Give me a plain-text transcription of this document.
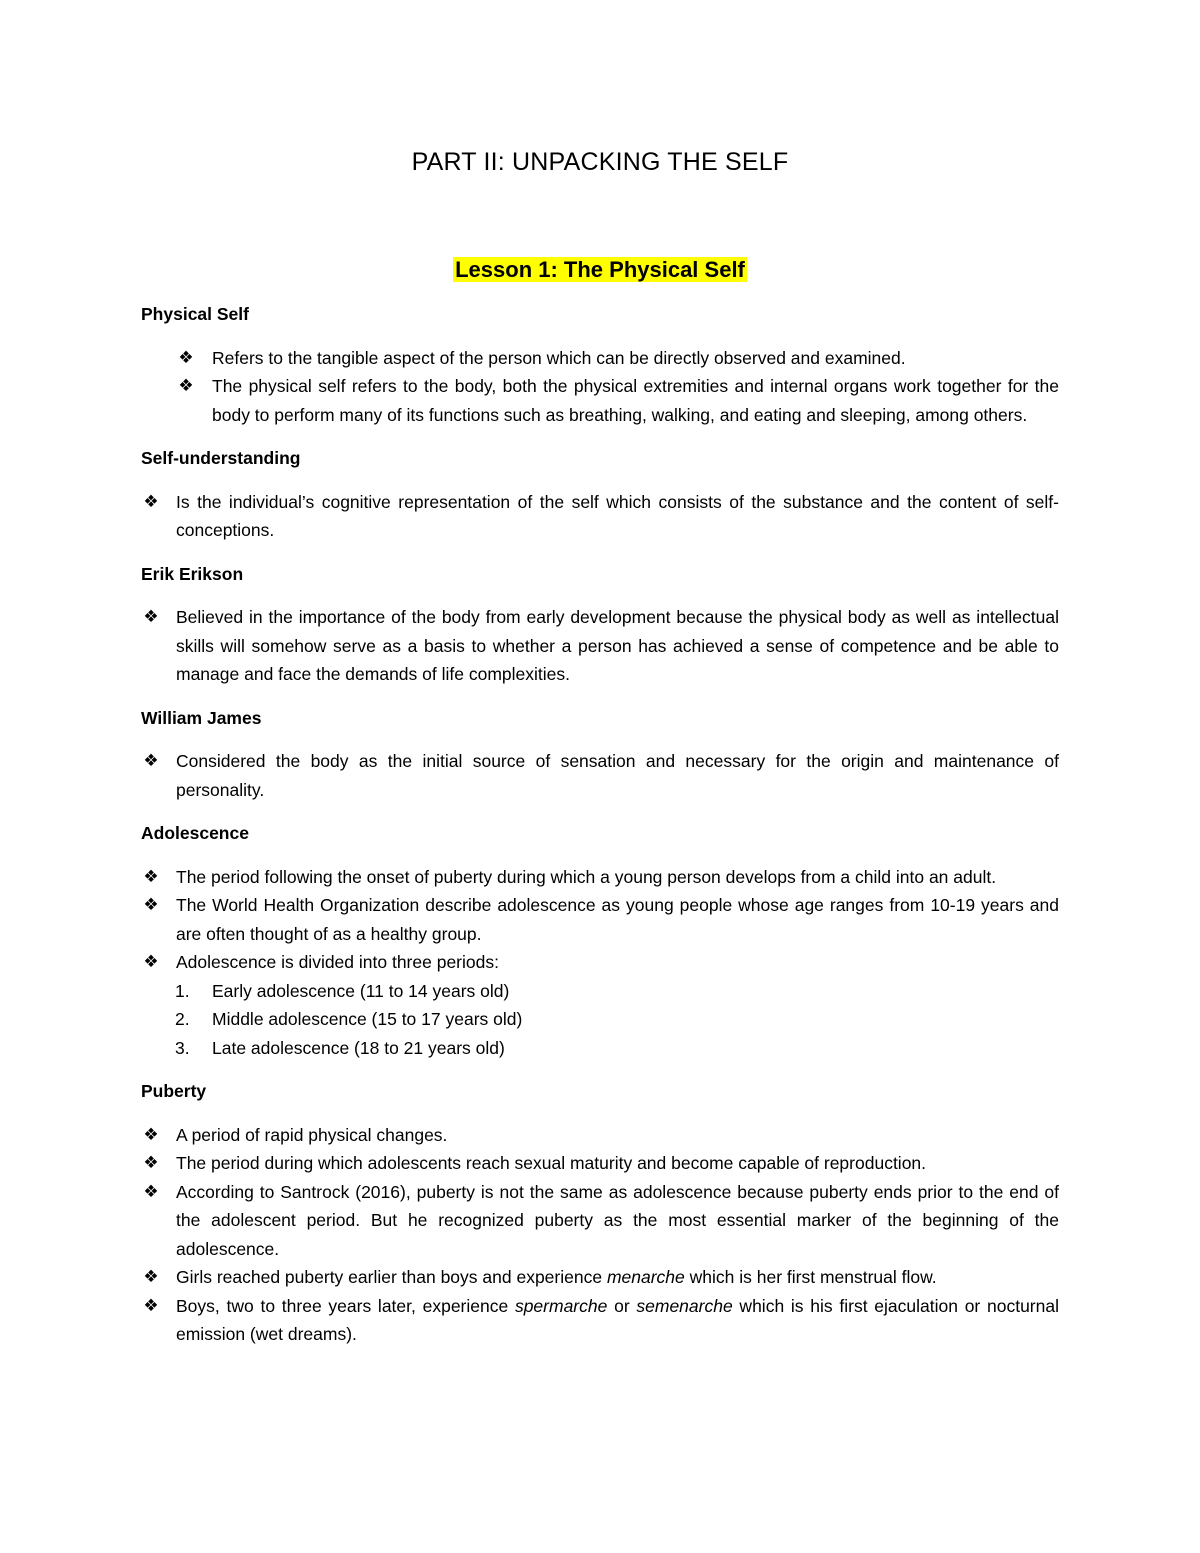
PART II: UNPACKING THE SELF
Lesson 1: The Physical Self
Physical Self
❖ Refers to the tangible aspect of the person which can be directly observed and examined.
❖ The physical self refers to the body, both the physical extremities and internal organs work together for the body to perform many of its functions such as breathing, walking, and eating and sleeping, among others.
Self-understanding
❖ Is the individual’s cognitive representation of the self which consists of the substance and the content of self-conceptions.
Erik Erikson
❖ Believed in the importance of the body from early development because the physical body as well as intellectual skills will somehow serve as a basis to whether a person has achieved a sense of competence and be able to manage and face the demands of life complexities.
William James
❖ Considered the body as the initial source of sensation and necessary for the origin and maintenance of personality.
Adolescence
❖ The period following the onset of puberty during which a young person develops from a child into an adult.
❖ The World Health Organization describe adolescence as young people whose age ranges from 10-19 years and are often thought of as a healthy group.
❖ Adolescence is divided into three periods:
1. Early adolescence (11 to 14 years old)
2. Middle adolescence (15 to 17 years old)
3. Late adolescence (18 to 21 years old)
Puberty
❖ A period of rapid physical changes.
❖ The period during which adolescents reach sexual maturity and become capable of reproduction.
❖ According to Santrock (2016), puberty is not the same as adolescence because puberty ends prior to the end of the adolescent period. But he recognized puberty as the most essential marker of the beginning of the adolescence.
❖ Girls reached puberty earlier than boys and experience menarche which is her first menstrual flow.
❖ Boys, two to three years later, experience spermarche or semenarche which is his first ejaculation or nocturnal emission (wet dreams).
